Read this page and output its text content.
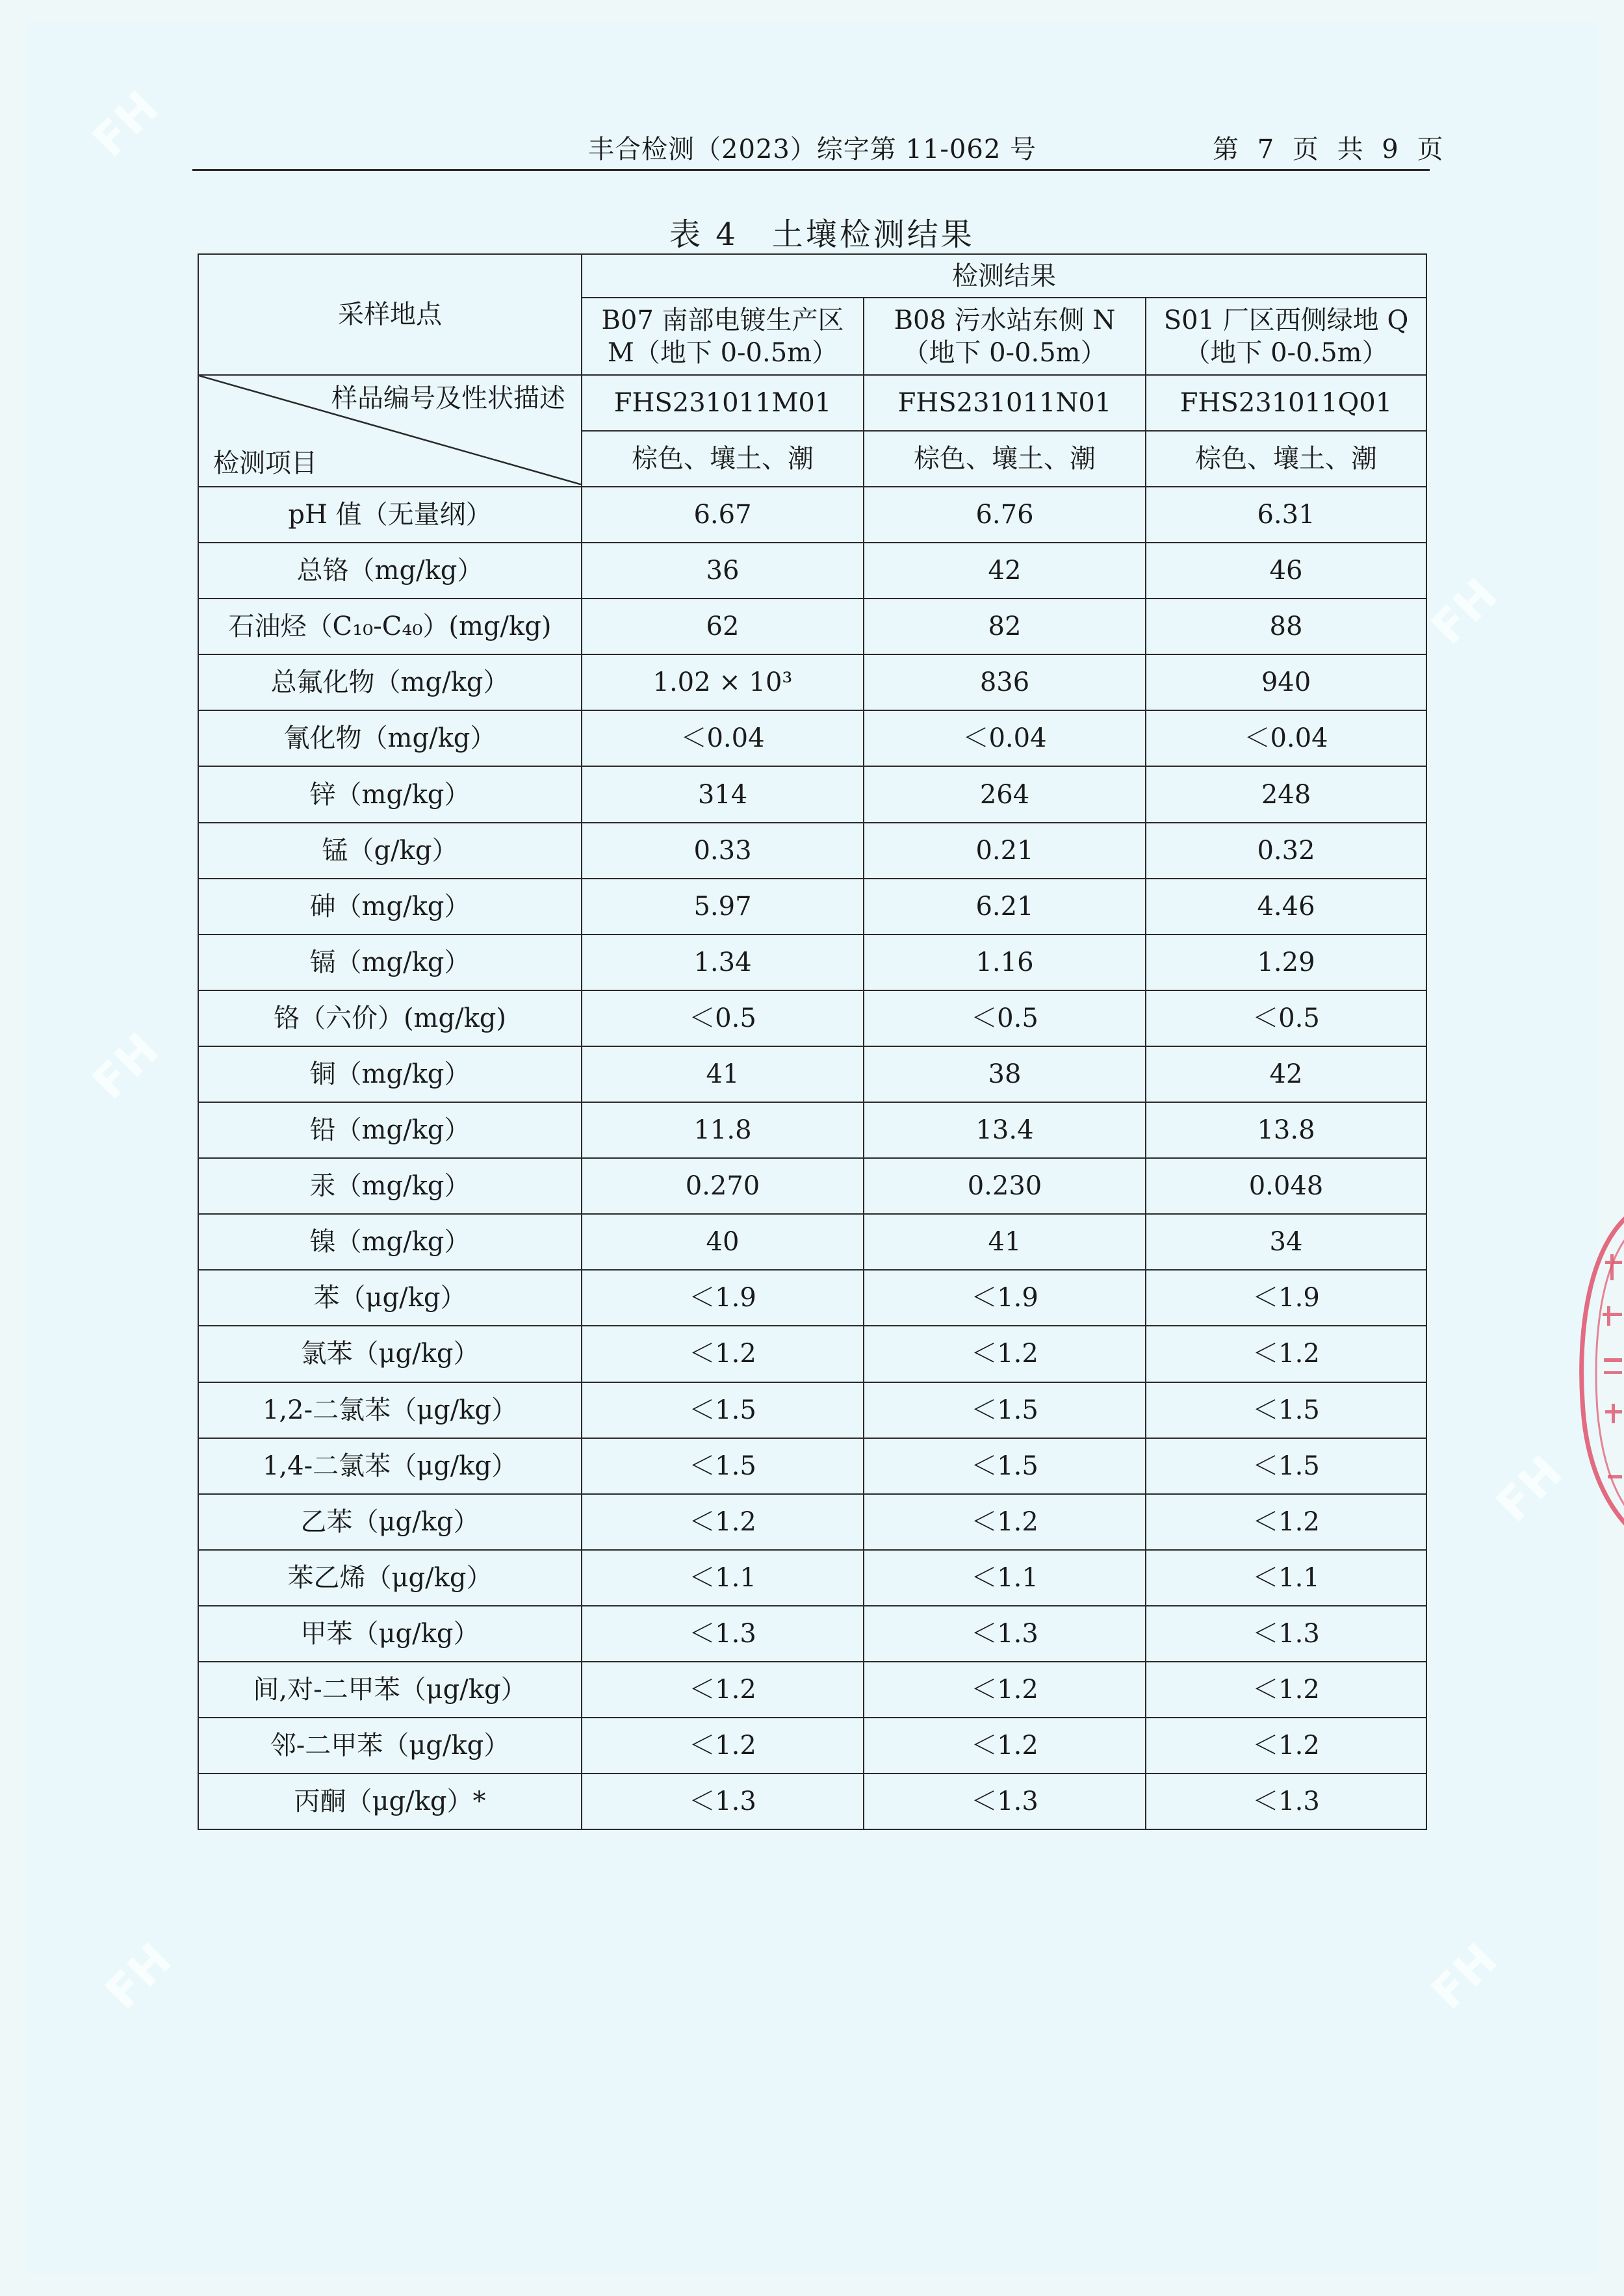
FH
FH
FH
FH
FH	FH
丰合检测（2023）综字第 11-062 号	第 7 页 共 9 页
表 4　土壤检测结果
采样地点	检测结果		
	B07 南部电镀生产区 M（地下 0-0.5m）	B08 污水站东侧 N（地下 0-0.5m）	S01 厂区西侧绿地 Q（地下 0-0.5m）

样品编号及性状描述
检测项目	FHS231011M01	FHS231011N01	FHS231011Q01
	棕色、壤土、潮	棕色、壤土、潮	棕色、壤土、潮
pH 值（无量纲）	6.67	6.76	6.31
总铬（mg/kg）	36	42	46
石油烃（C₁₀-C₄₀）(mg/kg)	62	82	88
总氟化物（mg/kg）	1.02 × 10³	836	940
氰化物（mg/kg）	＜0.04	＜0.04	＜0.04
锌（mg/kg）	314	264	248
锰（g/kg）	0.33	0.21	0.32
砷（mg/kg）	5.97	6.21	4.46
镉（mg/kg）	1.34	1.16	1.29
铬（六价）(mg/kg)	＜0.5	＜0.5	＜0.5
铜（mg/kg）	41	38	42
铅（mg/kg）	11.8	13.4	13.8
汞（mg/kg）	0.270	0.230	0.048
镍（mg/kg）	40	41	34
苯（μg/kg）	＜1.9	＜1.9	＜1.9
氯苯（μg/kg）	＜1.2	＜1.2	＜1.2
1,2-二氯苯（μg/kg）	＜1.5	＜1.5	＜1.5
1,4-二氯苯（μg/kg）	＜1.5	＜1.5	＜1.5
乙苯（μg/kg）	＜1.2	＜1.2	＜1.2
苯乙烯（μg/kg）	＜1.1	＜1.1	＜1.1
甲苯（μg/kg）	＜1.3	＜1.3	＜1.3
间,对-二甲苯（μg/kg）	＜1.2	＜1.2	＜1.2
邻-二甲苯（μg/kg）	＜1.2	＜1.2	＜1.2
丙酮（μg/kg）*	＜1.3	＜1.3	＜1.3
